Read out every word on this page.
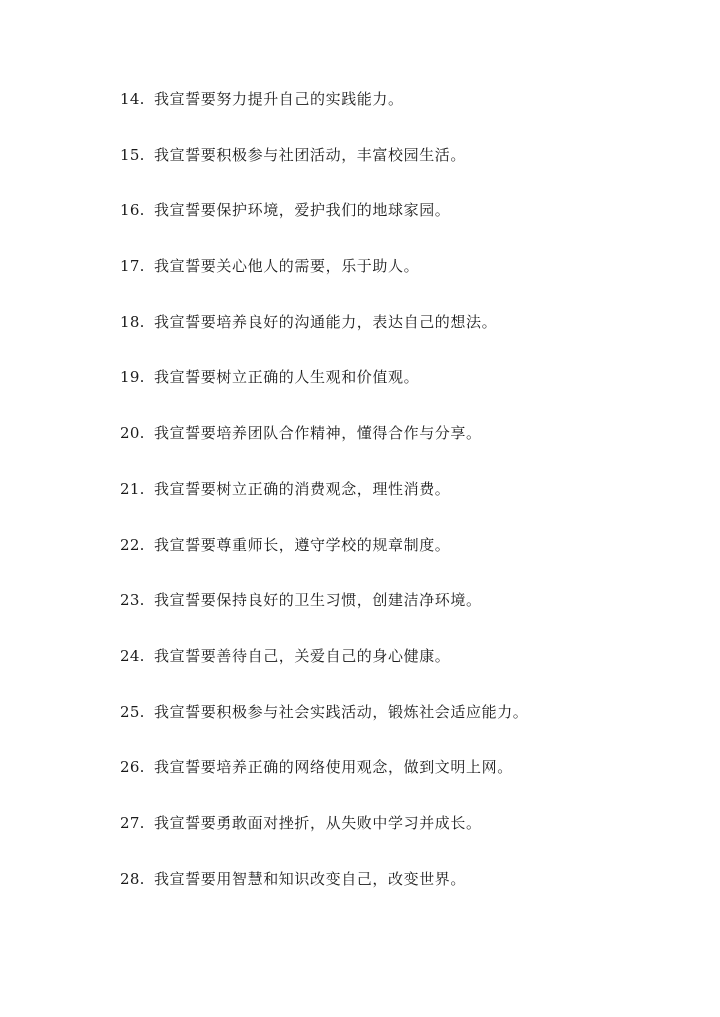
14. 我宣誓要努力提升自己的实践能力。
15. 我宣誓要积极参与社团活动，丰富校园生活。
16. 我宣誓要保护环境，爱护我们的地球家园。
17. 我宣誓要关心他人的需要，乐于助人。
18. 我宣誓要培养良好的沟通能力，表达自己的想法。
19. 我宣誓要树立正确的人生观和价值观。
20. 我宣誓要培养团队合作精神，懂得合作与分享。
21. 我宣誓要树立正确的消费观念，理性消费。
22. 我宣誓要尊重师长，遵守学校的规章制度。
23. 我宣誓要保持良好的卫生习惯，创建洁净环境。
24. 我宣誓要善待自己，关爱自己的身心健康。
25. 我宣誓要积极参与社会实践活动，锻炼社会适应能力。
26. 我宣誓要培养正确的网络使用观念，做到文明上网。
27. 我宣誓要勇敢面对挫折，从失败中学习并成长。
28. 我宣誓要用智慧和知识改变自己，改变世界。
